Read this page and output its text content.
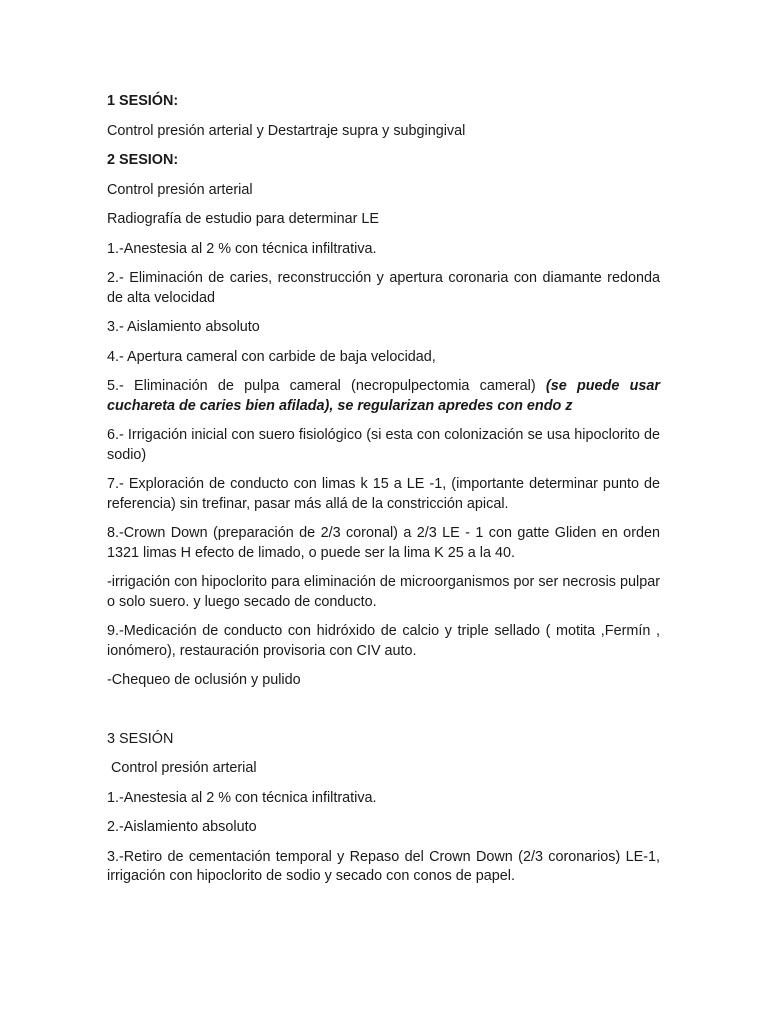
1 SESIÓN:

Control presión arterial y Destartraje supra y subgingival

2 SESION:

Control presión arterial

Radiografía de estudio para determinar LE

1.-Anestesia al 2 % con técnica infiltrativa.

2.- Eliminación de caries, reconstrucción y apertura coronaria con diamante redonda de alta velocidad

3.- Aislamiento absoluto

4.- Apertura cameral con carbide de baja velocidad,

5.- Eliminación de pulpa cameral (necropulpectomia cameral) (se puede usar cuchareta de caries bien afilada), se regularizan apredes con endo z

6.- Irrigación inicial con suero fisiológico (si esta con colonización se usa hipoclorito de sodio)

7.- Exploración de conducto con limas k 15 a LE -1, (importante determinar punto de referencia) sin trefinar, pasar más allá de la constricción apical.

8.-Crown Down (preparación de 2/3 coronal) a 2/3 LE - 1 con gatte Gliden en orden 1321 limas H efecto de limado, o puede ser la lima K 25 a la 40.

-irrigación con hipoclorito para eliminación de microorganismos por ser necrosis pulpar o solo suero. y luego secado de conducto.

9.-Medicación de conducto con hidróxido de calcio y triple sellado ( motita ,Fermín , ionómero), restauración provisoria con CIV auto.

-Chequeo de oclusión y pulido

3 SESIÓN

Control presión arterial

1.-Anestesia al 2 % con técnica infiltrativa.

2.-Aislamiento absoluto

3.-Retiro de cementación temporal y Repaso del Crown Down (2/3 coronarios) LE-1, irrigación con hipoclorito de sodio y secado con conos de papel.
